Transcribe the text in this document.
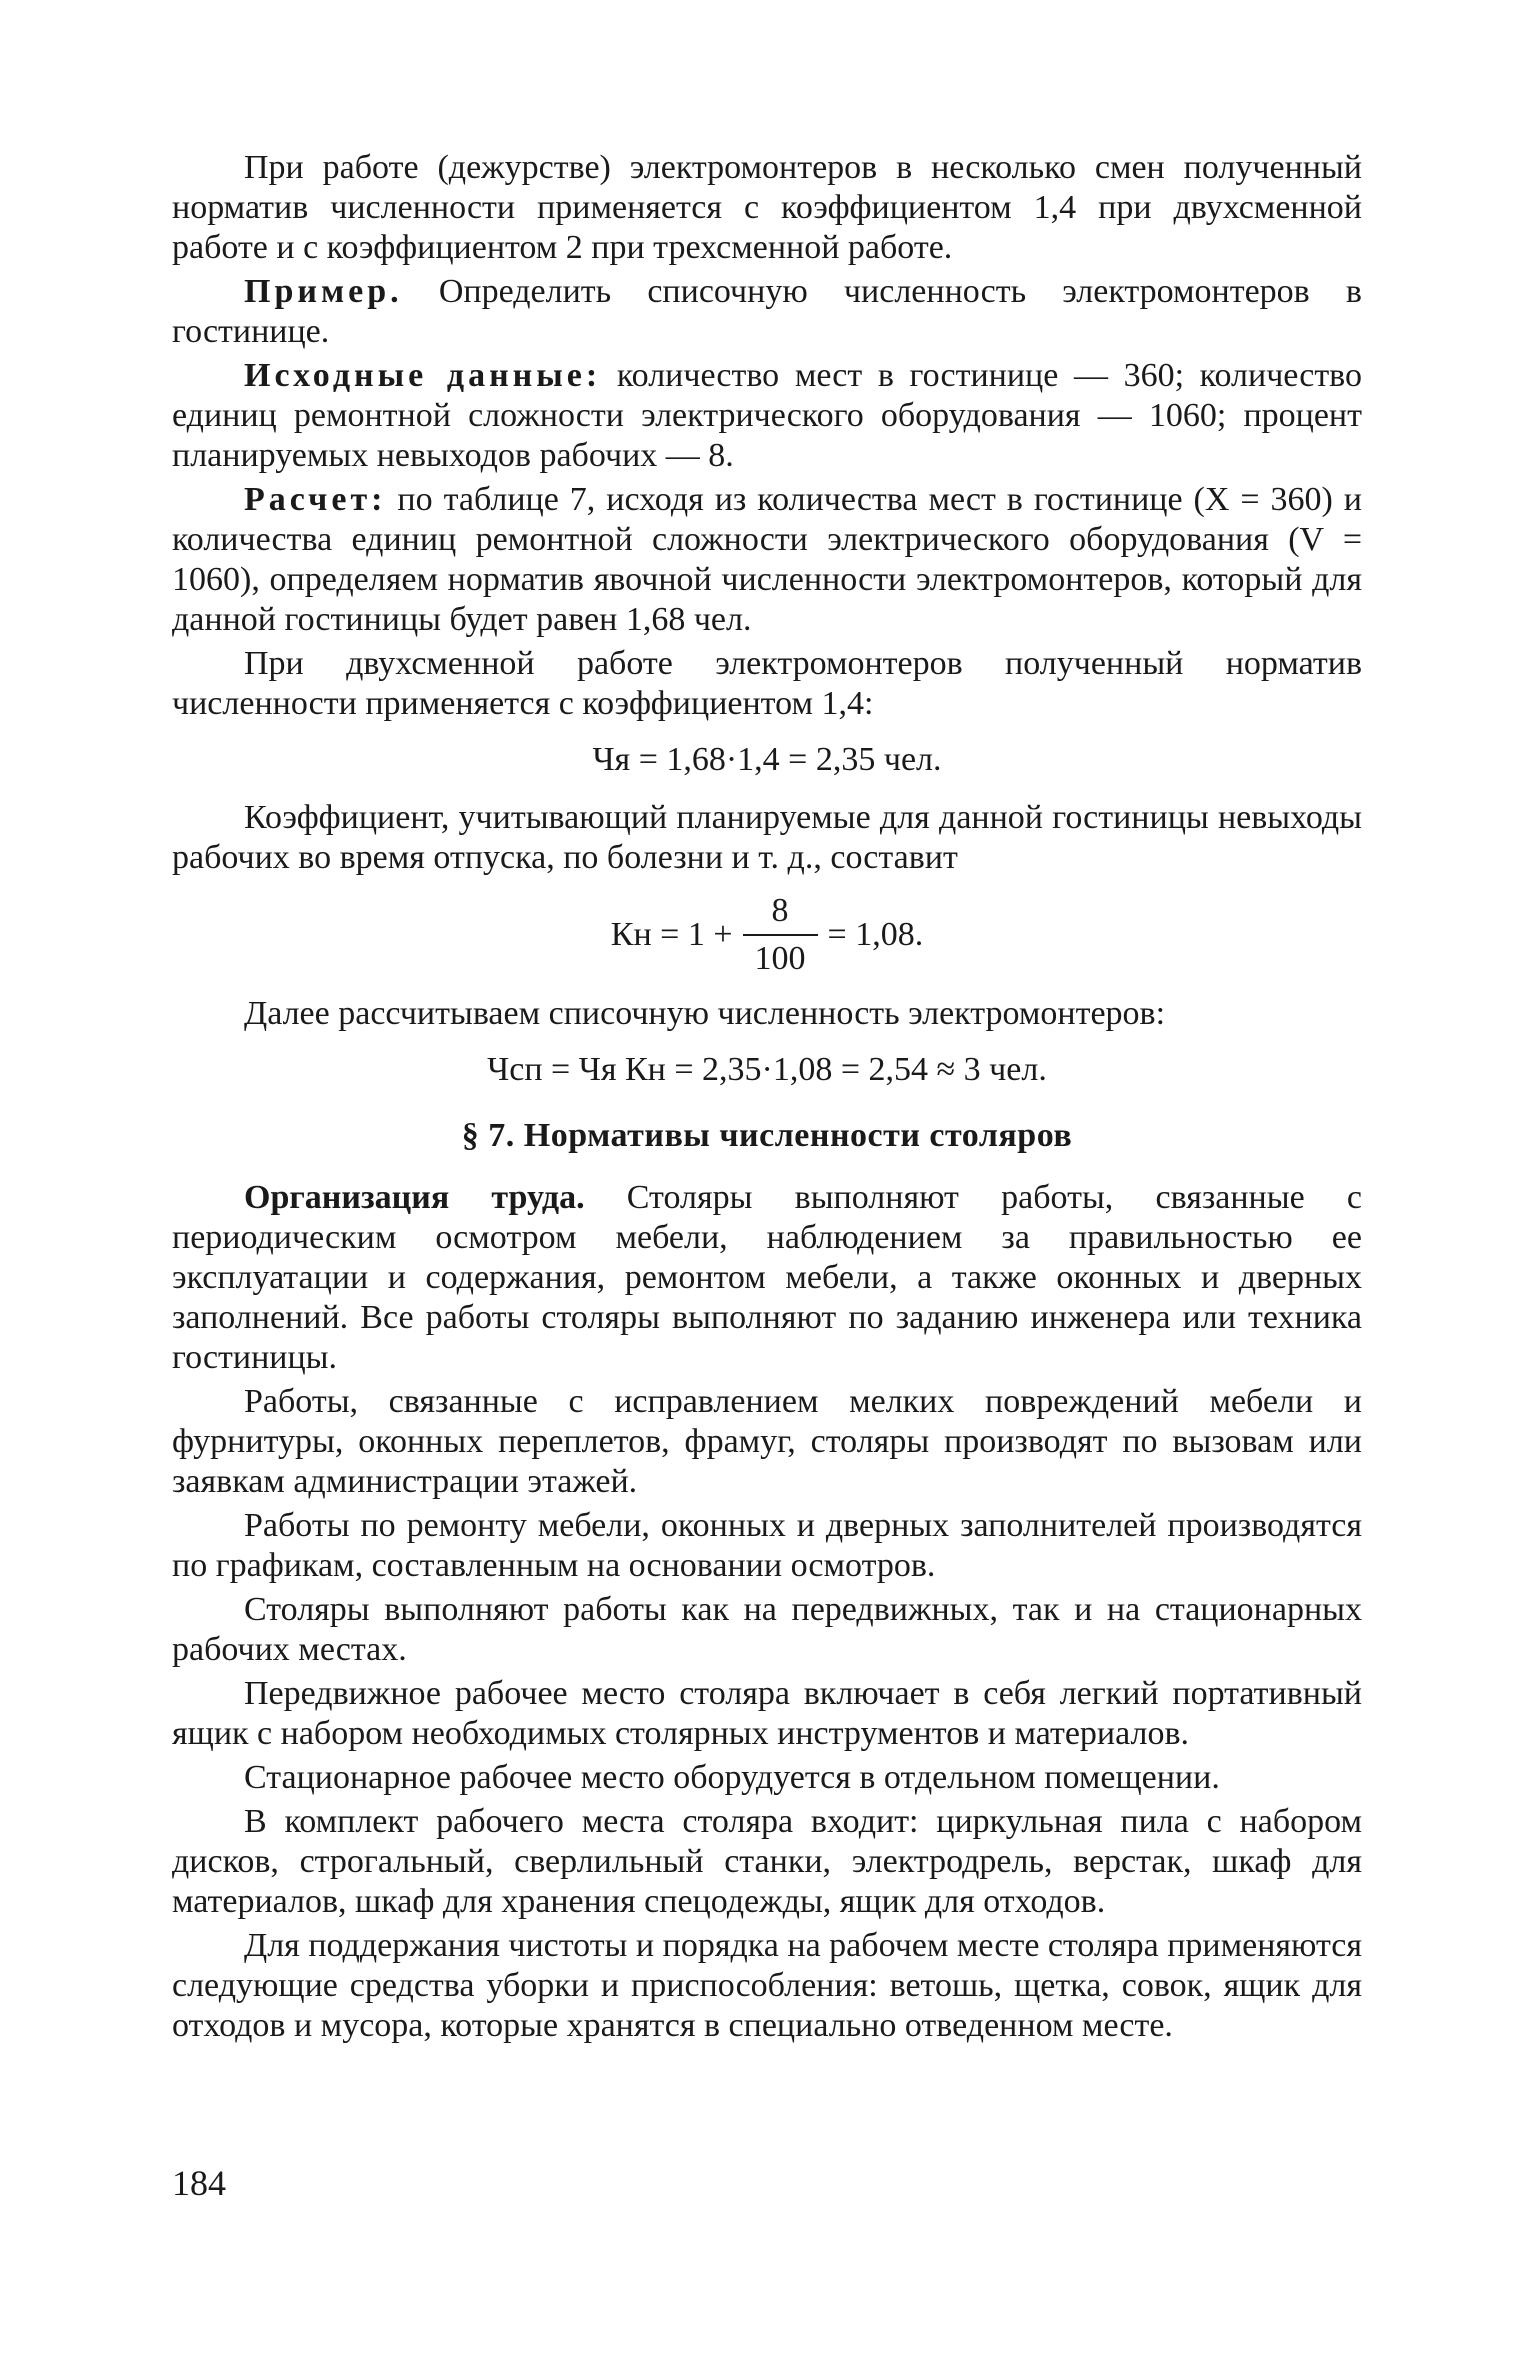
При работе (дежурстве) электромонтеров в несколько смен полученный норматив численности применяется с коэффициентом 1,4 при двухсменной работе и с коэффициентом 2 при трехсменной работе.

Пример. Определить списочную численность электромонтеров в гостинице.

Исходные данные: количество мест в гостинице — 360; количество единиц ремонтной сложности электрического оборудования — 1060; процент планируемых невыходов рабочих — 8.

Расчет: по таблице 7, исходя из количества мест в гостинице (X = 360) и количества единиц ремонтной сложности электрического оборудования (V = 1060), определяем норматив явочной численности электромонтеров, который для данной гостиницы будет равен 1,68 чел.

При двухсменной работе электромонтеров полученный норматив численности применяется с коэффициентом 1,4:

Чя = 1,68·1,4 = 2,35 чел.

Коэффициент, учитывающий планируемые для данной гостиницы невыходы рабочих во время отпуска, по болезни и т. д., составит

Кн = $1 + \frac{8}{100} = 1,08$.

Далее рассчитываем списочную численность электромонтеров:

Чсп = Чя Кн = 2,35·1,08 = 2,54 ≈ 3 чел.
§ 7. Нормативы численности столяров

Организация труда. Столяры выполняют работы, связанные с периодическим осмотром мебели, наблюдением за правильностью ее эксплуатации и содержания, ремонтом мебели, а также оконных и дверных заполнений. Все работы столяры выполняют по заданию инженера или техника гостиницы.

Работы, связанные с исправлением мелких повреждений мебели и фурнитуры, оконных переплетов, фрамуг, столяры производят по вызовам или заявкам администрации этажей.

Работы по ремонту мебели, оконных и дверных заполнителей производятся по графикам, составленным на основании осмотров.

Столяры выполняют работы как на передвижных, так и на стационарных рабочих местах.

Передвижное рабочее место столяра включает в себя легкий портативный ящик с набором необходимых столярных инструментов и материалов.

Стационарное рабочее место оборудуется в отдельном помещении.

В комплект рабочего места столяра входит: циркульная пила с набором дисков, строгальный, сверлильный станки, электродрель, верстак, шкаф для материалов, шкаф для хранения спецодежды, ящик для отходов.

Для поддержания чистоты и порядка на рабочем месте столяра применяются следующие средства уборки и приспособления: ветошь, щетка, совок, ящик для отходов и мусора, которые хранятся в специально отведенном месте.

184
